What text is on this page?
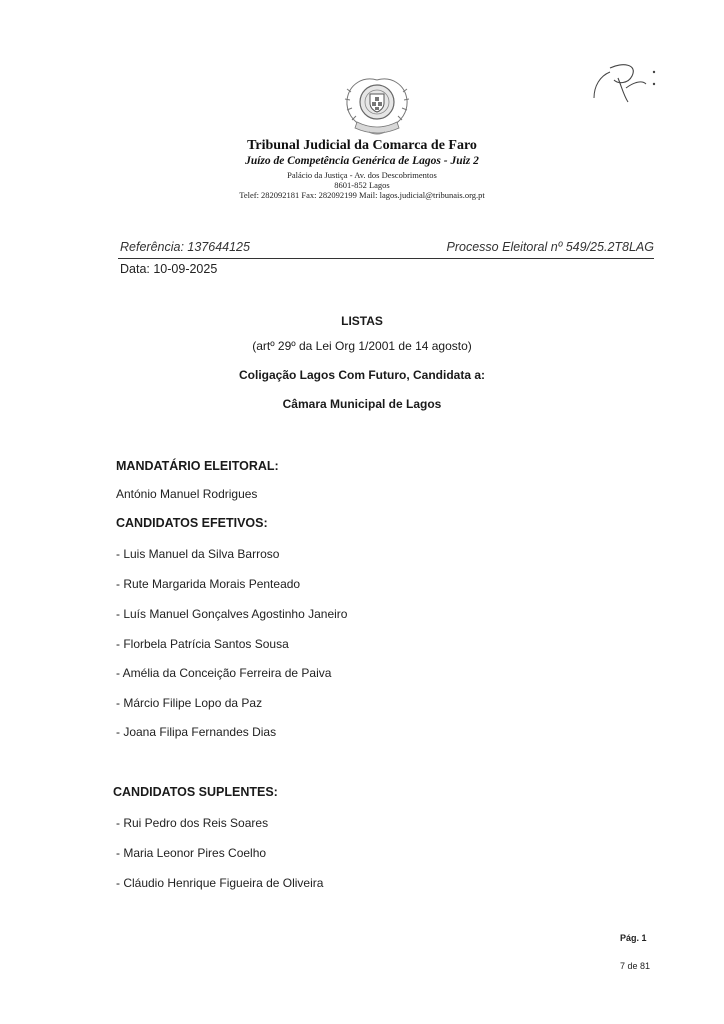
Tribunal Judicial da Comarca de Faro
Juízo de Competência Genérica de Lagos - Juiz 2
Palácio da Justiça - Av. dos Descobrimentos
8601-852 Lagos
Telef: 282092181 Fax: 282092199 Mail: lagos.judicial@tribunais.org.pt
Referência: 137644125	Processo Eleitoral nº 549/25.2T8LAG
Data: 10-09-2025
LISTAS
(artº 29º da Lei Org 1/2001 de 14 agosto)
Coligação Lagos Com Futuro, Candidata a:
Câmara Municipal de Lagos
MANDATÁRIO ELEITORAL:
António Manuel Rodrigues
CANDIDATOS EFETIVOS:
- Luis Manuel da Silva Barroso
- Rute Margarida Morais Penteado
- Luís Manuel Gonçalves Agostinho Janeiro
- Florbela Patrícia Santos Sousa
- Amélia da Conceição Ferreira de Paiva
- Márcio Filipe Lopo da Paz
- Joana Filipa Fernandes Dias
CANDIDATOS SUPLENTES:
- Rui Pedro dos Reis Soares
- Maria Leonor Pires Coelho
- Cláudio Henrique Figueira de Oliveira
Pág. 1
7 de 81
